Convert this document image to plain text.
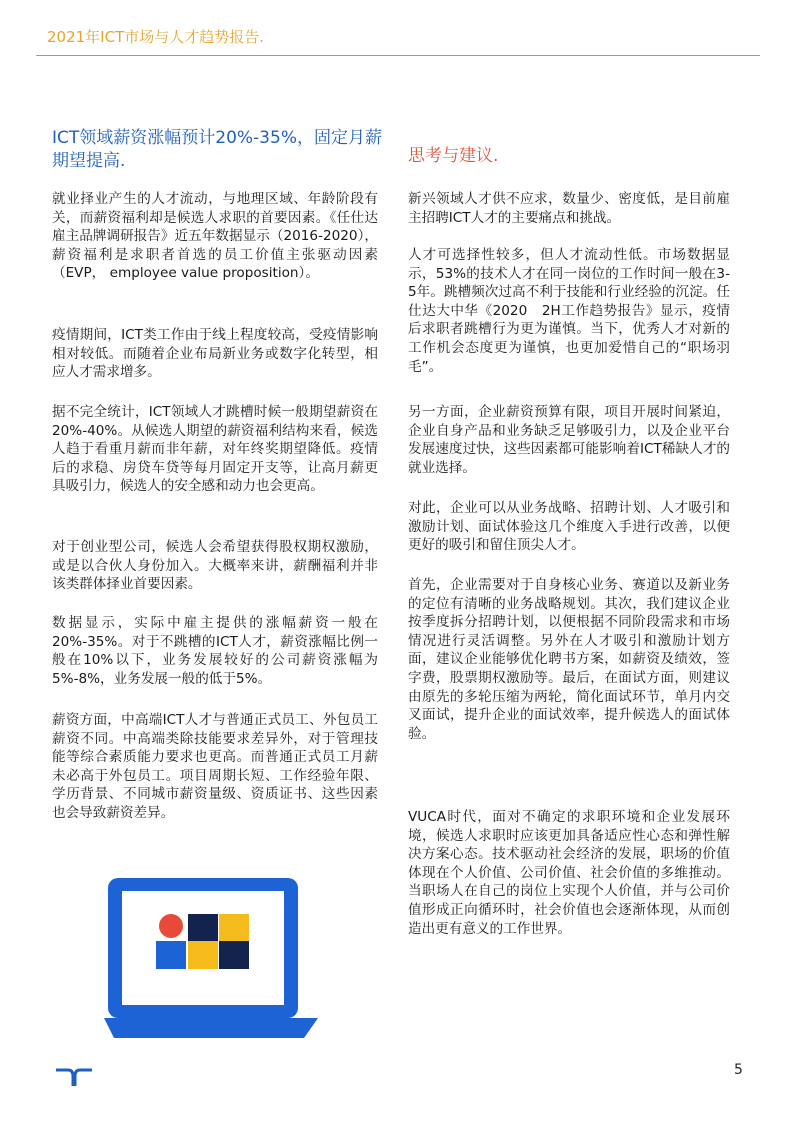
2021年ICT市场与人才趋势报告.
ICT领域薪资涨幅预计20%-35%，固定月薪期望提高.

就业择业产生的人才流动，与地理区域、年龄阶段有关，而薪资福利却是候选人求职的首要因素。《任仕达雇主品牌调研报告》近五年数据显示（2016-2020），薪资福利是求职者首选的员工价值主张驱动因素（EVP， employee value proposition）。

疫情期间，ICT类工作由于线上程度较高，受疫情影响相对较低。而随着企业布局新业务或数字化转型，相应人才需求增多。

据不完全统计，ICT领域人才跳槽时候一般期望薪资在20%-40%。从候选人期望的薪资福利结构来看，候选人趋于看重月薪而非年薪，对年终奖期望降低。疫情后的求稳、房贷车贷等每月固定开支等，让高月薪更具吸引力，候选人的安全感和动力也会更高。

对于创业型公司，候选人会希望获得股权期权激励，或是以合伙人身份加入。大概率来讲，薪酬福利并非该类群体择业首要因素。

数据显示，实际中雇主提供的涨幅薪资一般在20%-35%。对于不跳槽的ICT人才，薪资涨幅比例一般在10%以下，业务发展较好的公司薪资涨幅为5%-8%，业务发展一般的低于5%。

薪资方面，中高端ICT人才与普通正式员工、外包员工薪资不同。中高端类除技能要求差异外，对于管理技能等综合素质能力要求也更高。而普通正式员工月薪未必高于外包员工。项目周期长短、工作经验年限、学历背景、不同城市薪资量级、资质证书、这些因素也会导致薪资差异。

思考与建议.

新兴领域人才供不应求，数量少、密度低，是目前雇主招聘ICT人才的主要痛点和挑战。

人才可选择性较多，但人才流动性低。市场数据显示，53%的技术人才在同一岗位的工作时间一般在3-5年。跳槽频次过高不利于技能和行业经验的沉淀。任仕达大中华《2020　2H工作趋势报告》显示，疫情后求职者跳槽行为更为谨慎。当下，优秀人才对新的工作机会态度更为谨慎，也更加爱惜自己的“职场羽毛”。

另一方面，企业薪资预算有限，项目开展时间紧迫，企业自身产品和业务缺乏足够吸引力，以及企业平台发展速度过快，这些因素都可能影响着ICT稀缺人才的就业选择。

对此，企业可以从业务战略、招聘计划、人才吸引和激励计划、面试体验这几个维度入手进行改善，以便更好的吸引和留住顶尖人才。

首先，企业需要对于自身核心业务、赛道以及新业务的定位有清晰的业务战略规划。其次，我们建议企业按季度拆分招聘计划，以便根据不同阶段需求和市场情况进行灵活调整。另外在人才吸引和激励计划方面，建议企业能够优化聘书方案，如薪资及绩效，签字费，股票期权激励等。最后，在面试方面，则建议由原先的多轮压缩为两轮，简化面试环节，单月内交叉面试，提升企业的面试效率，提升候选人的面试体验。

VUCA时代，面对不确定的求职环境和企业发展环境，候选人求职时应该更加具备适应性心态和弹性解决方案心态。技术驱动社会经济的发展，职场的价值体现在个人价值、公司价值、社会价值的多维推动。当职场人在自己的岗位上实现个人价值，并与公司价值形成正向循环时，社会价值也会逐渐体现，从而创造出更有意义的工作世界。

5
